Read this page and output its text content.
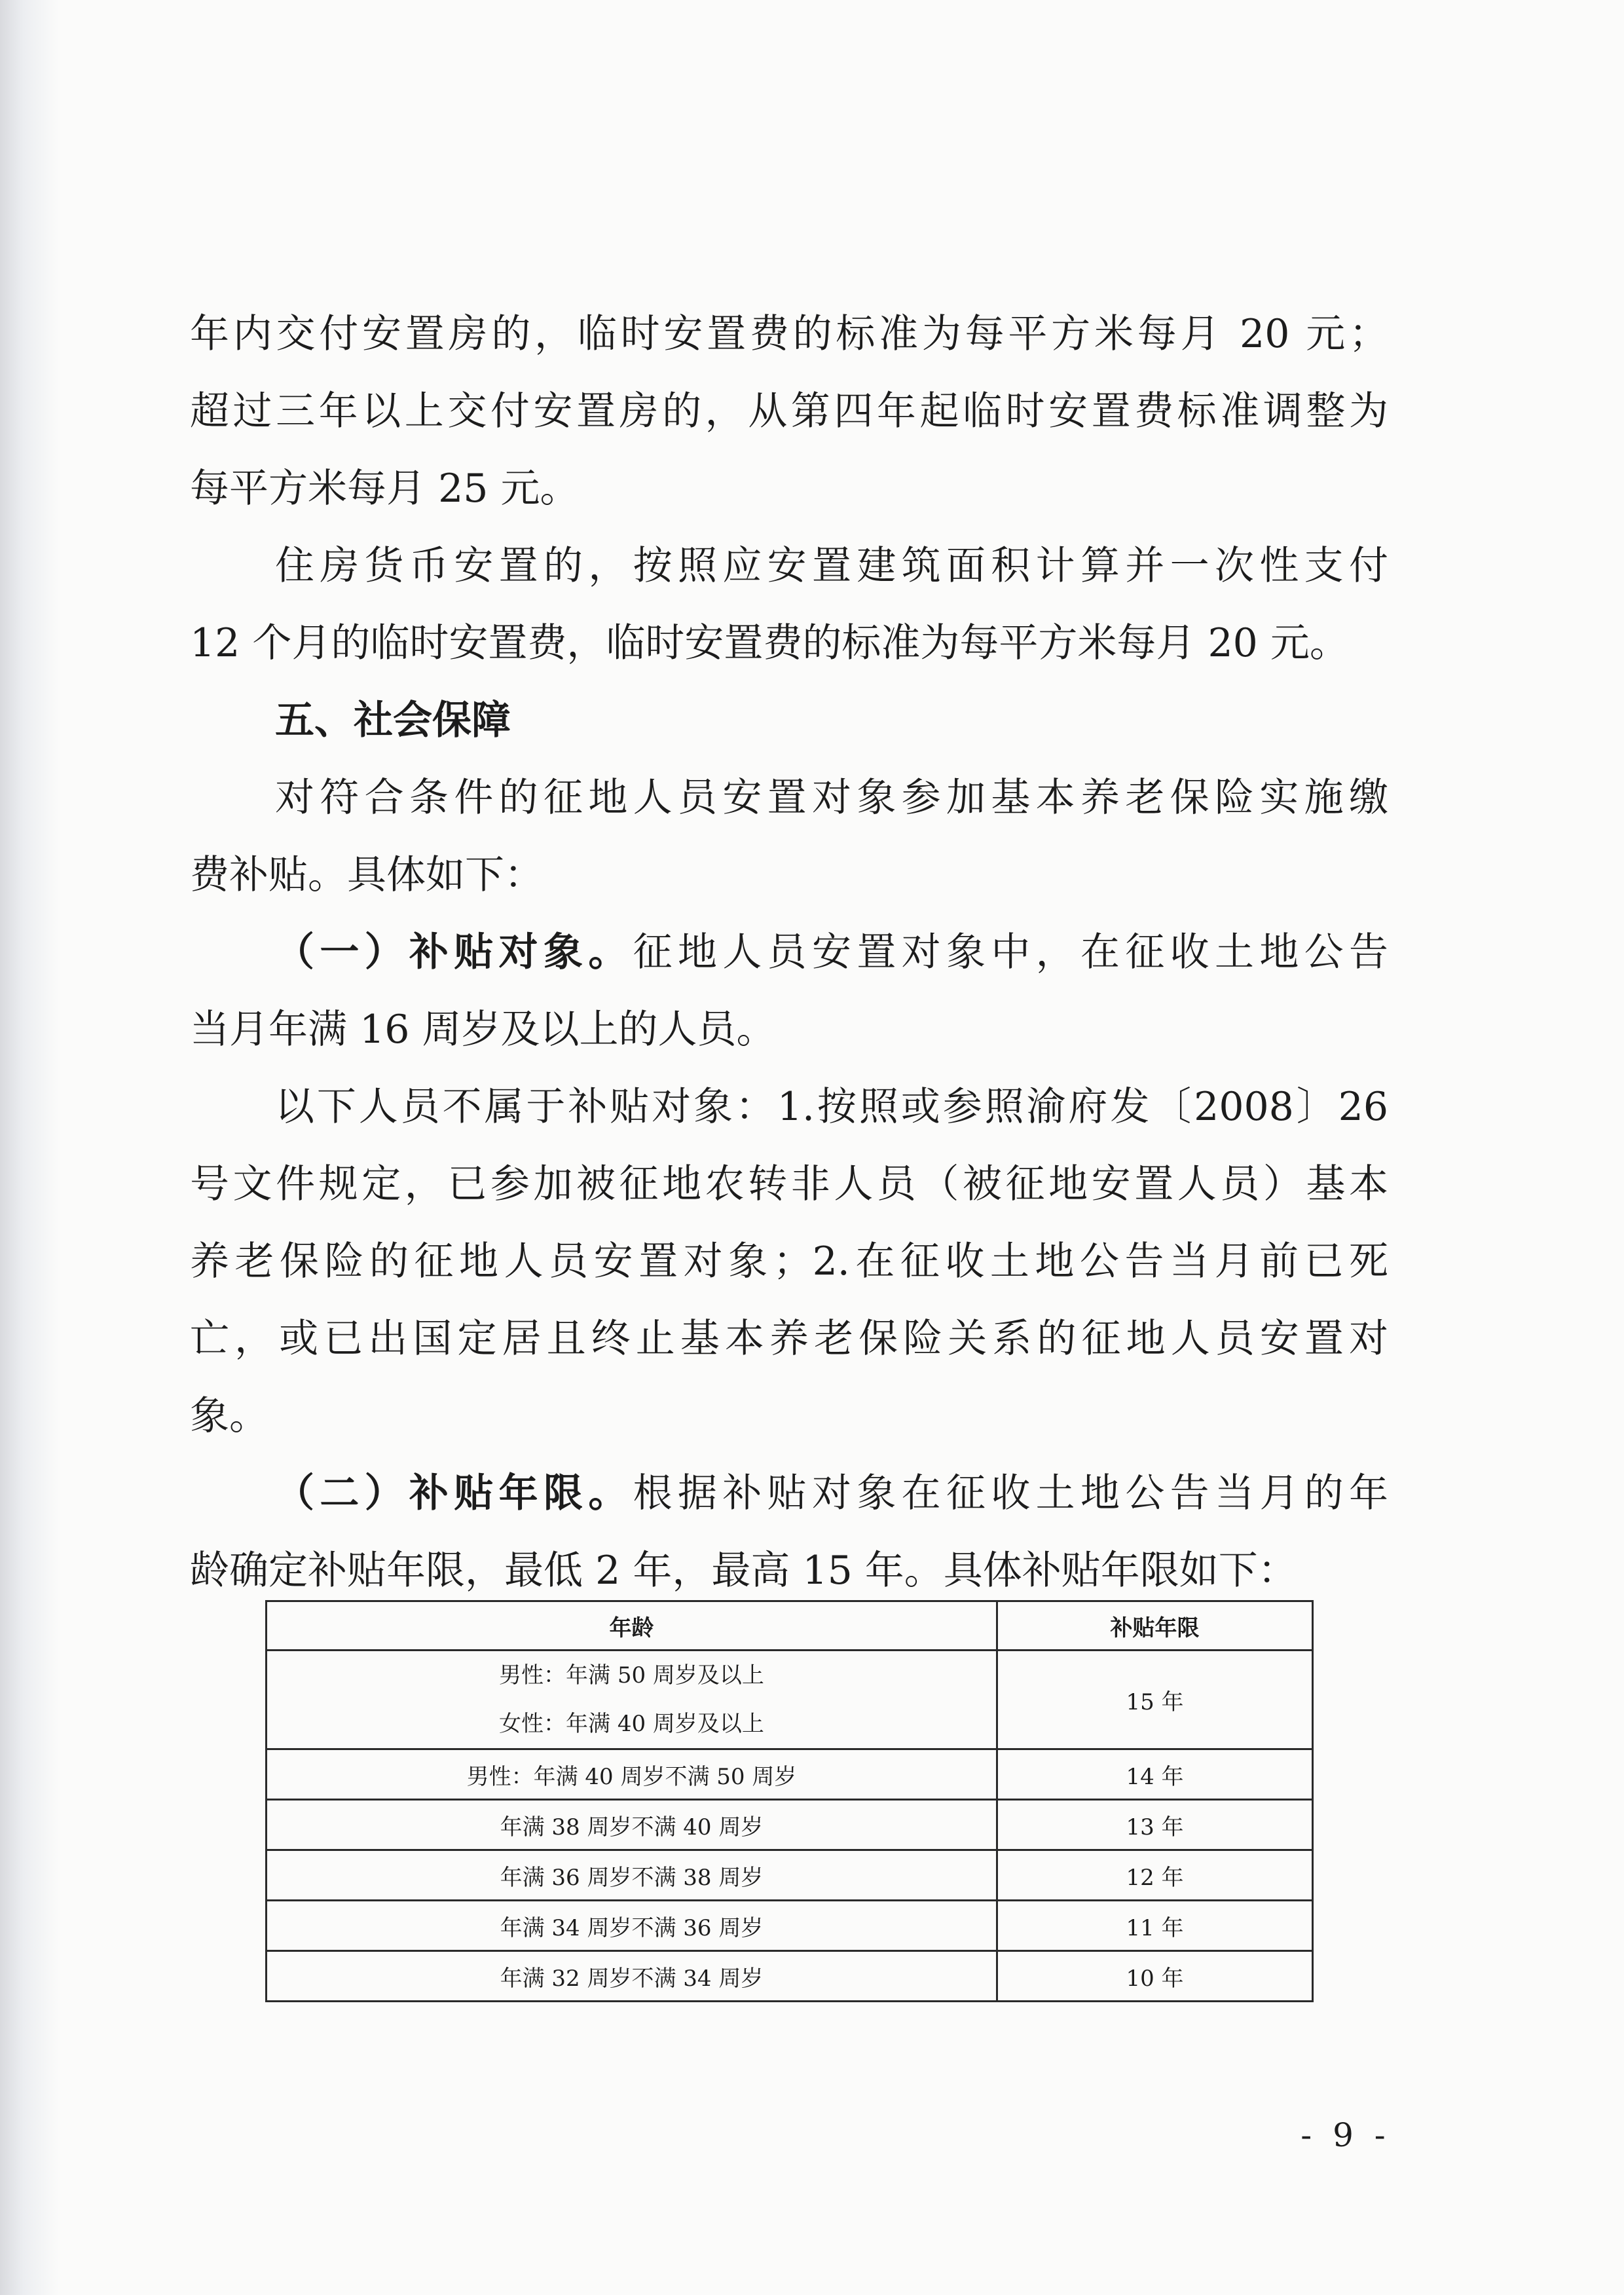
年内交付安置房的，临时安置费的标准为每平方米每月 20 元；
超过三年以上交付安置房的，从第四年起临时安置费标准调整为
每平方米每月 25 元。
住房货币安置的，按照应安置建筑面积计算并一次性支付
12 个月的临时安置费，临时安置费的标准为每平方米每月 20 元。
五、社会保障
对符合条件的征地人员安置对象参加基本养老保险实施缴
费补贴。具体如下：
（一）补贴对象。征地人员安置对象中，在征收土地公告
当月年满 16 周岁及以上的人员。
以下人员不属于补贴对象：1.按照或参照渝府发〔2008〕26
号文件规定，已参加被征地农转非人员（被征地安置人员）基本
养老保险的征地人员安置对象；2.在征收土地公告当月前已死
亡，或已出国定居且终止基本养老保险关系的征地人员安置对
象。
（二）补贴年限。根据补贴对象在征收土地公告当月的年
龄确定补贴年限，最低 2 年，最高 15 年。具体补贴年限如下：
年龄	补贴年限

男性：年满 50 周岁及以上
女性：年满 40 周岁及以上	15 年
男性：年满 40 周岁不满 50 周岁	14 年
年满 38 周岁不满 40 周岁	13 年
年满 36 周岁不满 38 周岁	12 年
年满 34 周岁不满 36 周岁	11 年
年满 32 周岁不满 34 周岁	10 年
- 9 -
